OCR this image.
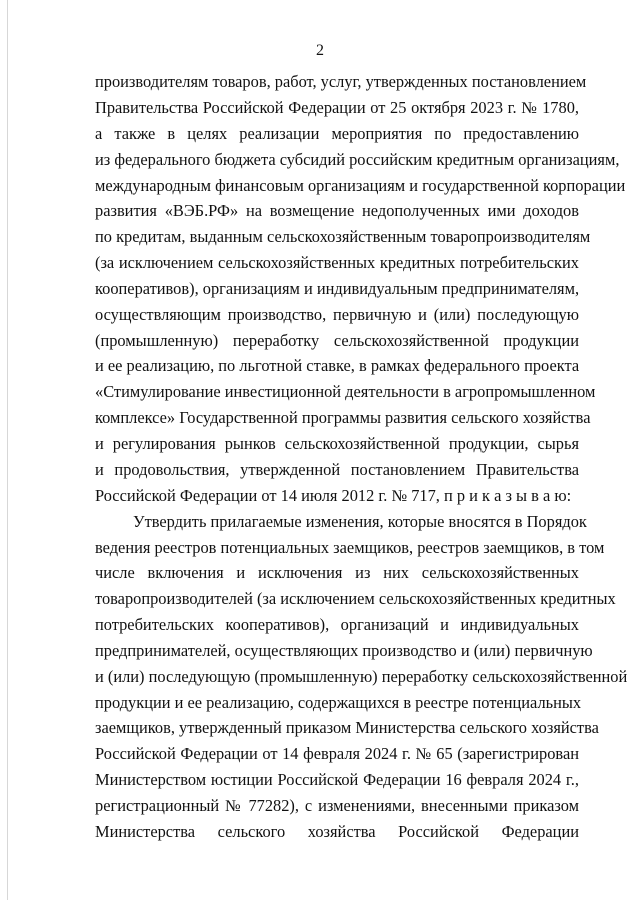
2
производителям товаров, работ, услуг, утвержденных постановлением
Правительства Российской Федерации от 25 октября 2023 г. № 1780,
а также в целях реализации мероприятия по предоставлению
из федерального бюджета субсидий российским кредитным организациям,
международным финансовым организациям и государственной корпорации
развития «ВЭБ.РФ» на возмещение недополученных ими доходов
по кредитам, выданным сельскохозяйственным товаропроизводителям
(за исключением сельскохозяйственных кредитных потребительских
кооперативов), организациям и индивидуальным предпринимателям,
осуществляющим производство, первичную и (или) последующую
(промышленную) переработку сельскохозяйственной продукции
и ее реализацию, по льготной ставке, в рамках федерального проекта
«Стимулирование инвестиционной деятельности в агропромышленном
комплексе» Государственной программы развития сельского хозяйства
и регулирования рынков сельскохозяйственной продукции, сырья
и продовольствия, утвержденной постановлением Правительства
Российской Федерации от 14 июля 2012 г. № 717, п р и к а з ы в а ю:
Утвердить прилагаемые изменения, которые вносятся в Порядок
ведения реестров потенциальных заемщиков, реестров заемщиков, в том
числе включения и исключения из них сельскохозяйственных
товаропроизводителей (за исключением сельскохозяйственных кредитных
потребительских кооперативов), организаций и индивидуальных
предпринимателей, осуществляющих производство и (или) первичную
и (или) последующую (промышленную) переработку сельскохозяйственной
продукции и ее реализацию, содержащихся в реестре потенциальных
заемщиков, утвержденный приказом Министерства сельского хозяйства
Российской Федерации от 14 февраля 2024 г. № 65 (зарегистрирован
Министерством юстиции Российской Федерации 16 февраля 2024 г.,
регистрационный № 77282), с изменениями, внесенными приказом
Министерства сельского хозяйства Российской Федерации
